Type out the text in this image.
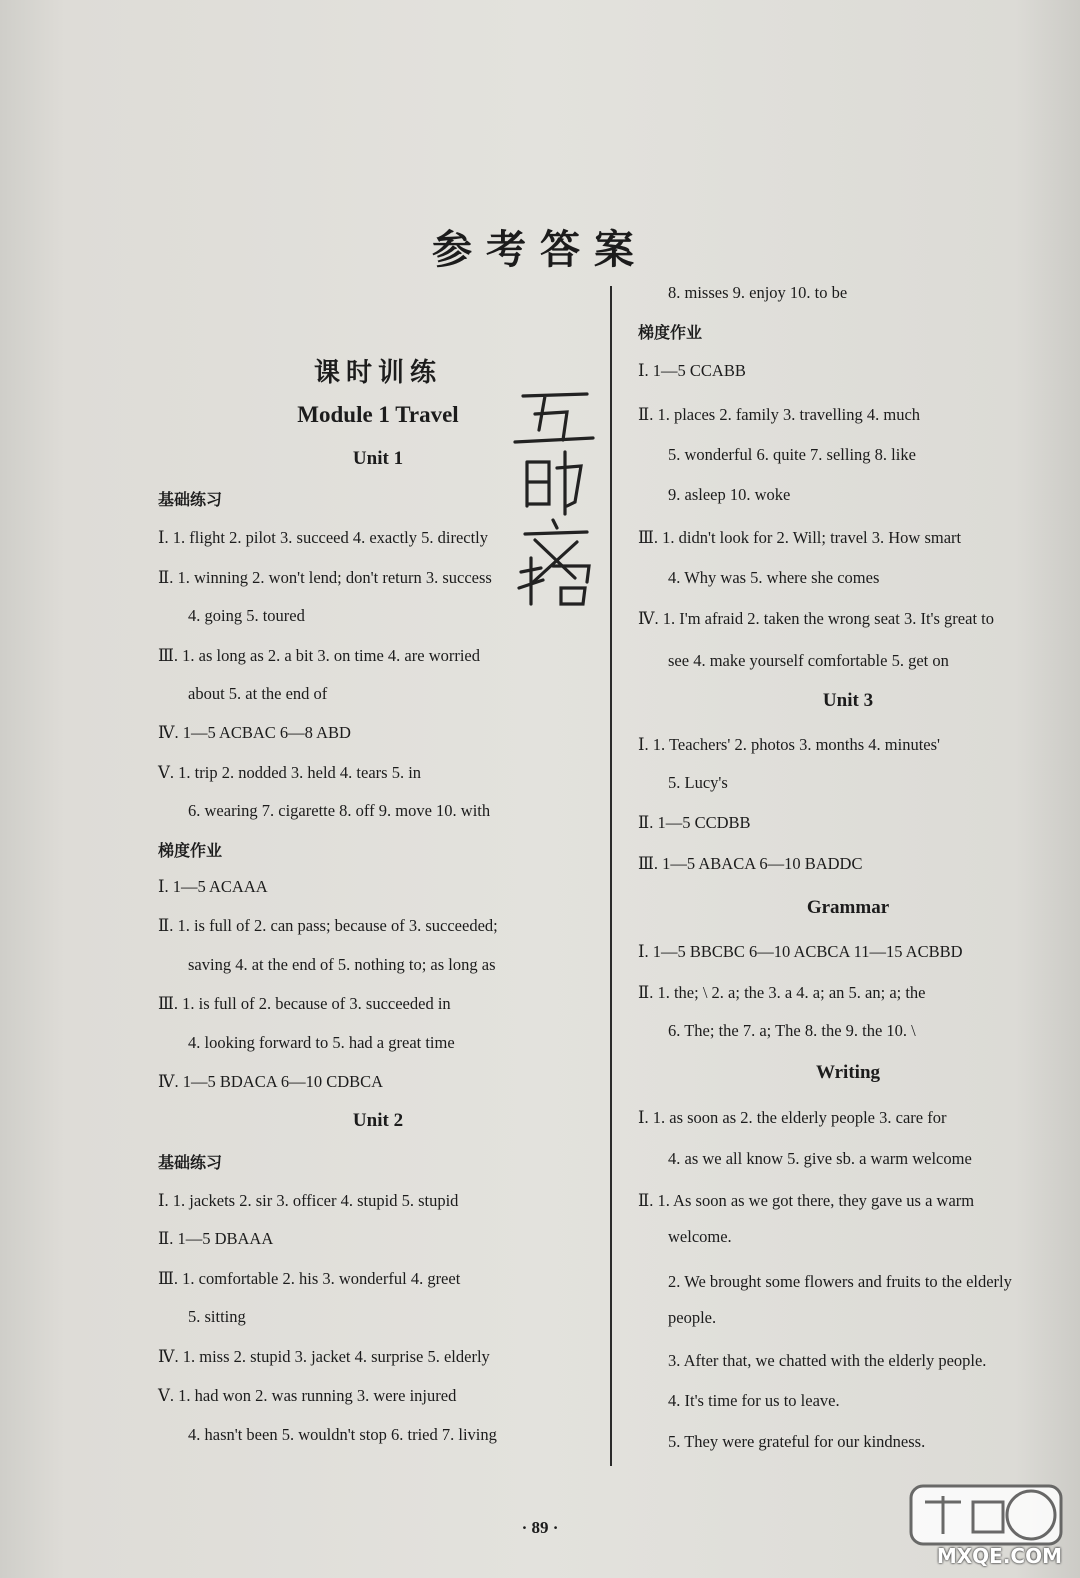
参考答案
课时训练
Module 1 Travel
Unit 1
基础练习
Ⅰ. 1. flight 2. pilot 3. succeed 4. exactly 5. directly
Ⅱ. 1. winning 2. won't lend; don't return 3. success
4. going 5. toured
Ⅲ. 1. as long as 2. a bit 3. on time 4. are worried
about 5. at the end of
Ⅳ. 1—5 ACBAC 6—8 ABD
Ⅴ. 1. trip 2. nodded 3. held 4. tears 5. in
6. wearing 7. cigarette 8. off 9. move 10. with
梯度作业
Ⅰ. 1—5 ACAAA
Ⅱ. 1. is full of 2. can pass; because of 3. succeeded;
saving 4. at the end of 5. nothing to; as long as
Ⅲ. 1. is full of 2. because of 3. succeeded in
4. looking forward to 5. had a great time
Ⅳ. 1—5 BDACA 6—10 CDBCA
Unit 2
基础练习
Ⅰ. 1. jackets 2. sir 3. officer 4. stupid 5. stupid
Ⅱ. 1—5 DBAAA
Ⅲ. 1. comfortable 2. his 3. wonderful 4. greet
5. sitting
Ⅳ. 1. miss 2. stupid 3. jacket 4. surprise 5. elderly
Ⅴ. 1. had won 2. was running 3. were injured
4. hasn't been 5. wouldn't stop 6. tried 7. living
8. misses 9. enjoy 10. to be
梯度作业
Ⅰ. 1—5 CCABB
Ⅱ. 1. places 2. family 3. travelling 4. much
5. wonderful 6. quite 7. selling 8. like
9. asleep 10. woke
Ⅲ. 1. didn't look for 2. Will; travel 3. How smart
4. Why was 5. where she comes
Ⅳ. 1. I'm afraid 2. taken the wrong seat 3. It's great to
see 4. make yourself comfortable 5. get on
Unit 3
Ⅰ. 1. Teachers' 2. photos 3. months 4. minutes'
5. Lucy's
Ⅱ. 1—5 CCDBB
Ⅲ. 1—5 ABACA 6—10 BADDC
Grammar
Ⅰ. 1—5 BBCBC 6—10 ACBCA 11—15 ACBBD
Ⅱ. 1. the; \ 2. a; the 3. a 4. a; an 5. an; a; the
6. The; the 7. a; The 8. the 9. the 10. \
Writing
Ⅰ. 1. as soon as 2. the elderly people 3. care for
4. as we all know 5. give sb. a warm welcome
Ⅱ. 1. As soon as we got there, they gave us a warm
welcome.
2. We brought some flowers and fruits to the elderly
people.
3. After that, we chatted with the elderly people.
4. It's time for us to leave.
5. They were grateful for our kindness.
· 89 ·
MXQE.COM
